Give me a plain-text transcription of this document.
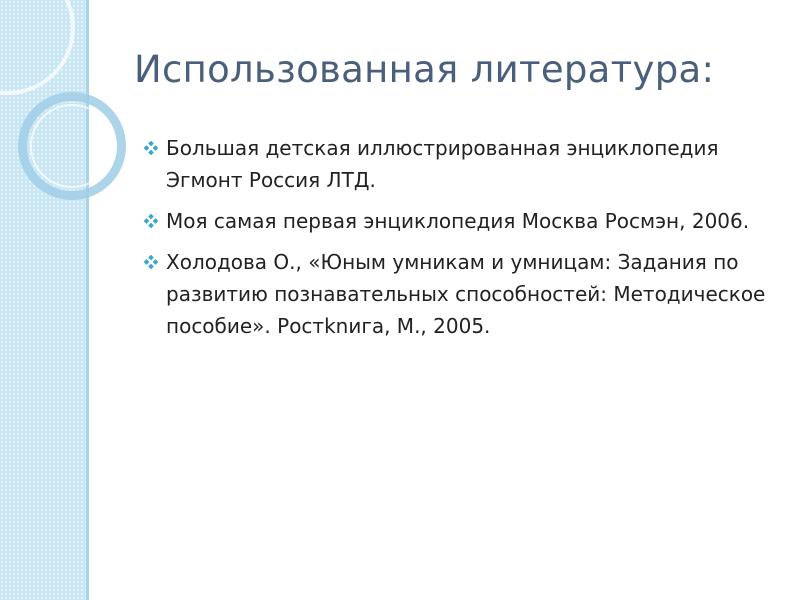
Использованная литература:
Большая детская иллюстрированная энциклопедия Эгмонт Россия ЛТД.
Моя самая первая энциклопедия Москва Росмэн, 2006.
Холодова О., «Юным умникам и умницам: Задания по развитию познавательных способностей: Методическое пособие». Ростknига, М., 2005.
